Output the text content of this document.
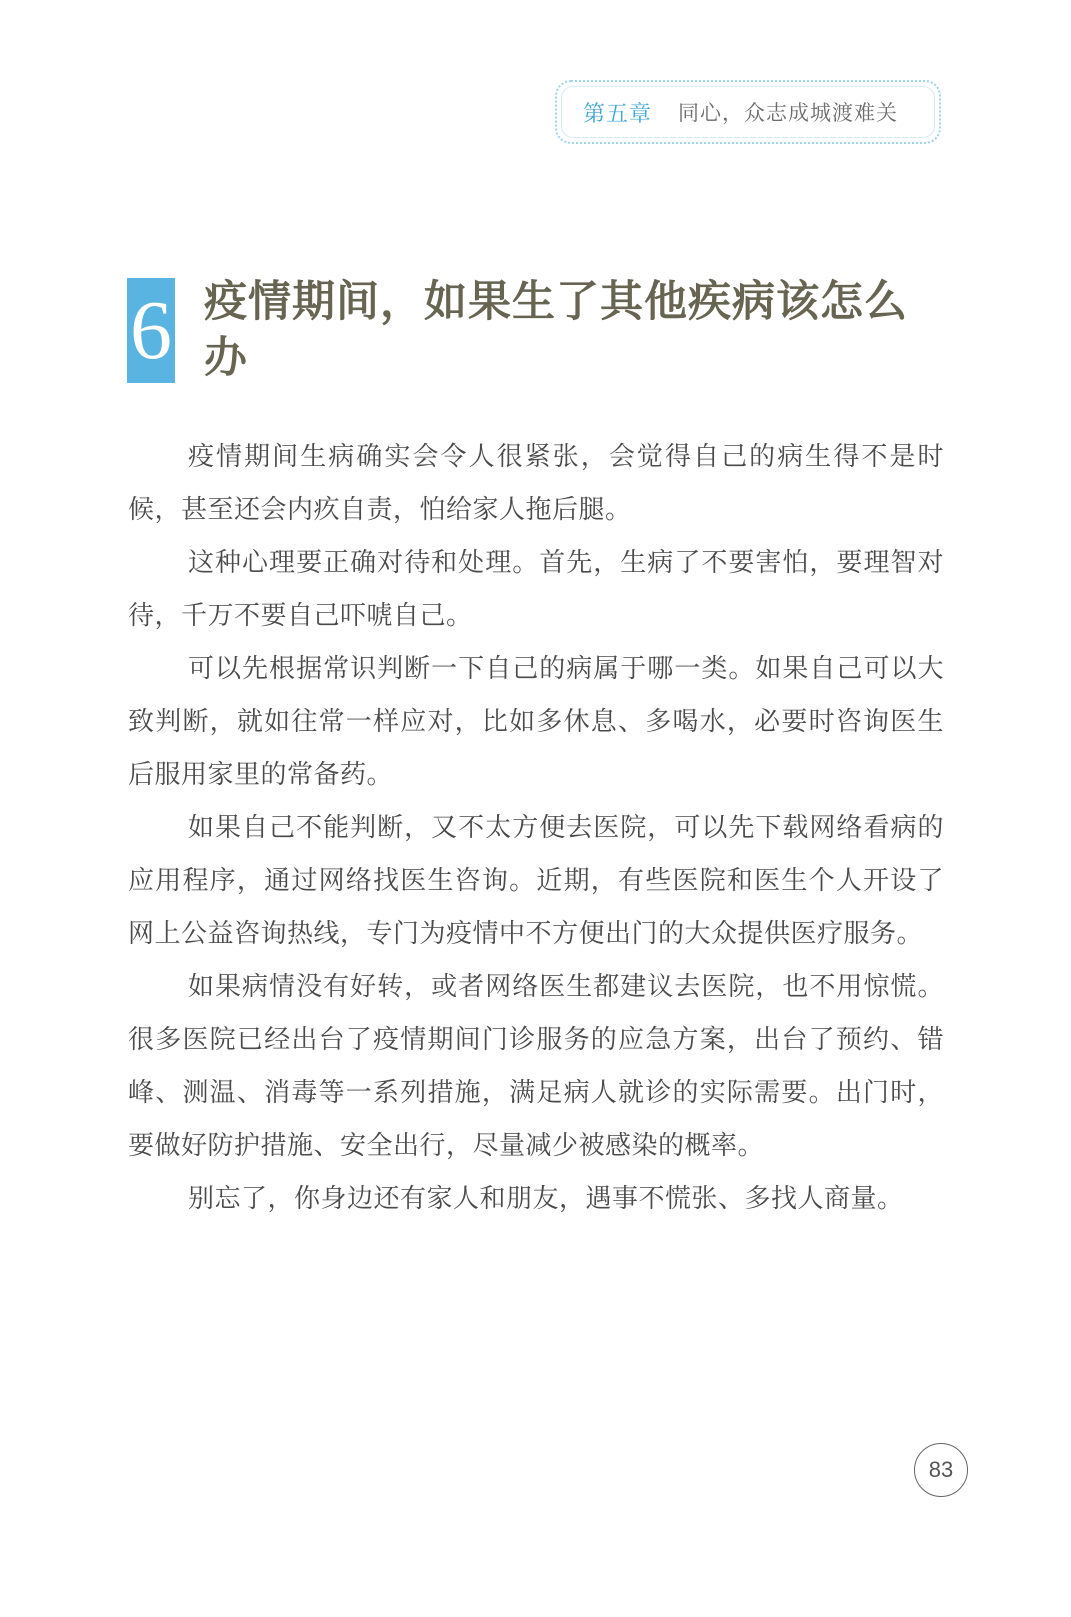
第五章 同心，众志成城渡难关
6 疫情期间，如果生了其他疾病该怎么办

疫情期间生病确实会令人很紧张，会觉得自己的病生得不是时候，甚至还会内疚自责，怕给家人拖后腿。

这种心理要正确对待和处理。首先，生病了不要害怕，要理智对待，千万不要自己吓唬自己。

可以先根据常识判断一下自己的病属于哪一类。如果自己可以大致判断，就如往常一样应对，比如多休息、多喝水，必要时咨询医生后服用家里的常备药。

如果自己不能判断，又不太方便去医院，可以先下载网络看病的应用程序，通过网络找医生咨询。近期，有些医院和医生个人开设了网上公益咨询热线，专门为疫情中不方便出门的大众提供医疗服务。

如果病情没有好转，或者网络医生都建议去医院，也不用惊慌。很多医院已经出台了疫情期间门诊服务的应急方案，出台了预约、错峰、测温、消毒等一系列措施，满足病人就诊的实际需要。出门时，要做好防护措施、安全出行，尽量减少被感染的概率。

别忘了，你身边还有家人和朋友，遇事不慌张、多找人商量。

83
